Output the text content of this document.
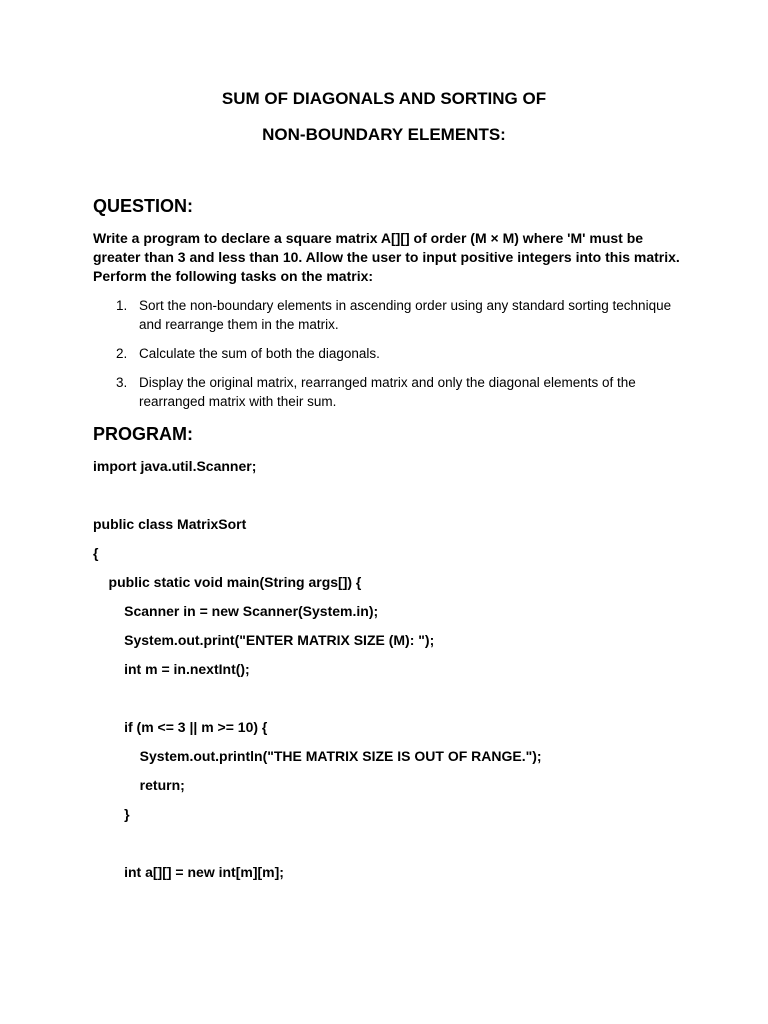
SUM OF DIAGONALS AND SORTING OF
NON-BOUNDARY ELEMENTS:
QUESTION:
Write a program to declare a square matrix A[][] of order (M × M) where 'M' must be greater than 3 and less than 10. Allow the user to input positive integers into this matrix. Perform the following tasks on the matrix:
1. Sort the non-boundary elements in ascending order using any standard sorting technique and rearrange them in the matrix.
2. Calculate the sum of both the diagonals.
3. Display the original matrix, rearranged matrix and only the diagonal elements of the rearranged matrix with their sum.
PROGRAM:
import java.util.Scanner;
public class MatrixSort
{
public static void main(String args[]) {
Scanner in = new Scanner(System.in);
System.out.print("ENTER MATRIX SIZE (M): ");
int m = in.nextInt();
if (m <= 3 || m >= 10) {
System.out.println("THE MATRIX SIZE IS OUT OF RANGE.");
return;
}
int a[][] = new int[m][m];
